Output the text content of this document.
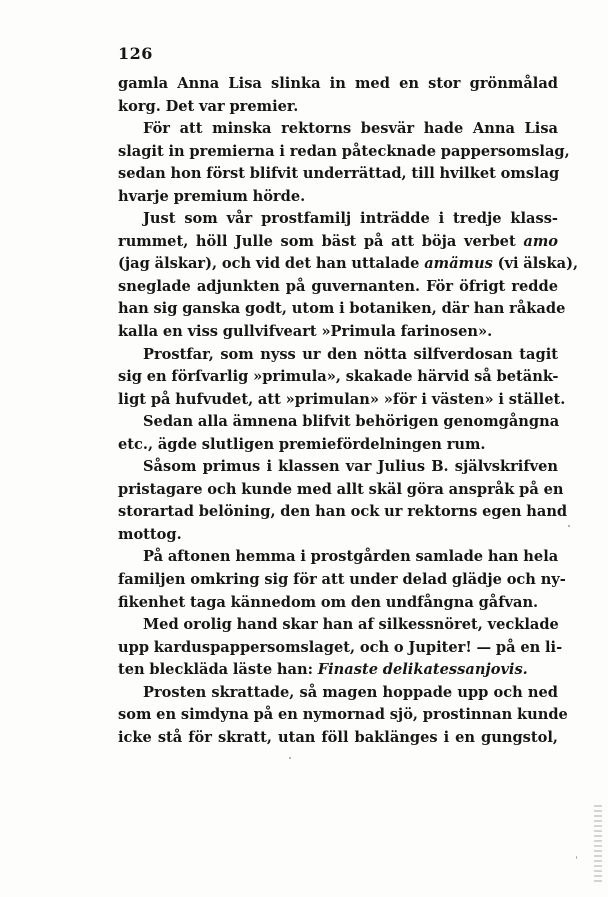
126
gamla Anna Lisa slinka in med en stor grönmålad
korg. Det var premier.
För att minska rektorns besvär hade Anna Lisa
slagit in premierna i redan påtecknade pappersomslag,
sedan hon först blifvit underrättad, till hvilket omslag
hvarje premium hörde.
Just som vår prostfamilj inträdde i tredje klass-
rummet, höll Julle som bäst på att böja verbet amo
(jag älskar), och vid det han uttalade amämus (vi älska),
sneglade adjunkten på guvernanten. För öfrigt redde
han sig ganska godt, utom i botaniken, där han råkade
kalla en viss gullvifveart »Primula farinosen».
Prostfar, som nyss ur den nötta silfverdosan tagit
sig en förſvarlig »primula», skakade härvid så betänk-
ligt på hufvudet, att »primulan» »för i västen» i stället.
Sedan alla ämnena blifvit behörigen genomgångna
etc., ägde slutligen premiefördelningen rum.
Såsom primus i klassen var Julius B. självskrifven
pristagare och kunde med allt skäl göra anspråk på en
storartad belöning, den han ock ur rektorns egen hand
mottog.
På aftonen hemma i prostgården samlade han hela
familjen omkring sig för att under delad glädje och ny-
fikenhet taga kännedom om den undfångna gåfvan.
Med orolig hand skar han af silkessnöret, vecklade
upp karduspappersomslaget, och o Jupiter! — på en li-
ten bleckläda läste han: Finaste delikatessanjovis.
Prosten skrattade, så magen hoppade upp och ned
som en simdyna på en nymornad sjö, prostinnan kunde
icke stå för skratt, utan föll baklänges i en gungstol,
